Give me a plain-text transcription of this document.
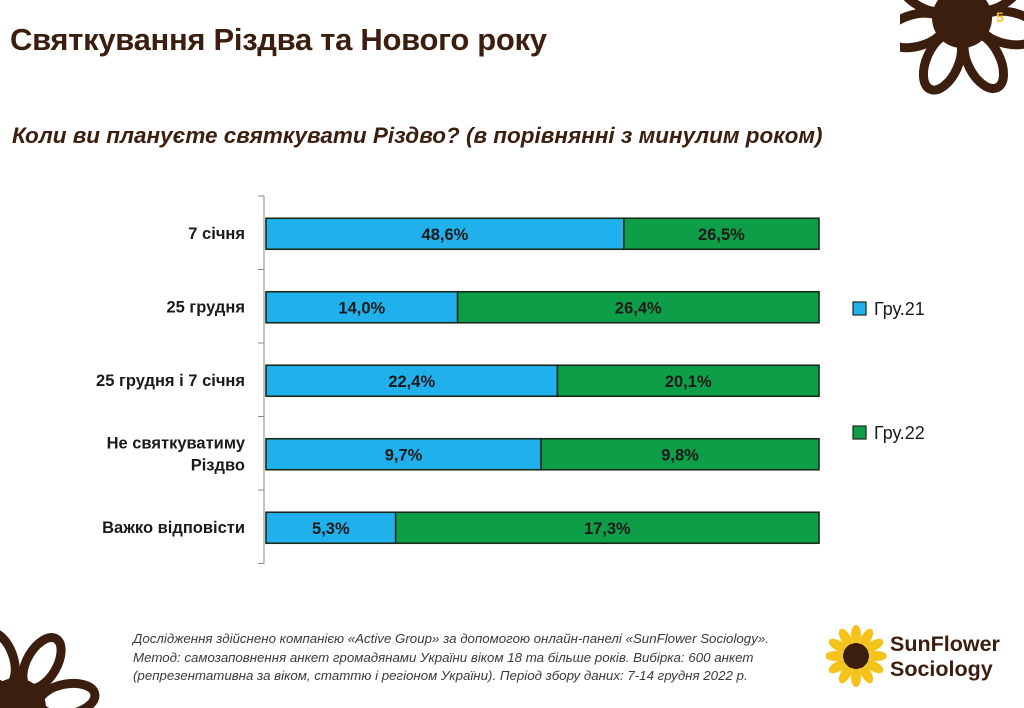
5
Святкування Різдва та Нового року
Коли ви плануєте святкувати Різдво? (в порівнянні з минулим роком)
48,6%	26,5%
7 січня
14,0%	26,4%
25 грудня
22,4%	20,1%
25 грудня і 7 січня
9,7%	9,8%
Не святкуватиму Різдво
5,3%	17,3%
Важко відповісти
Гру.21
Гру.22
Дослідження здійснено компанією «Active Group» за допомогою онлайн-панелі «SunFlower Sociology». Метод: самозаповнення анкет громадянами України віком 18 та більше років. Вибірка: 600 анкет (репрезентативна за віком, статтю і регіоном України). Період збору даних: 7-14 грудня 2022 р.
SunFlower
Sociology
